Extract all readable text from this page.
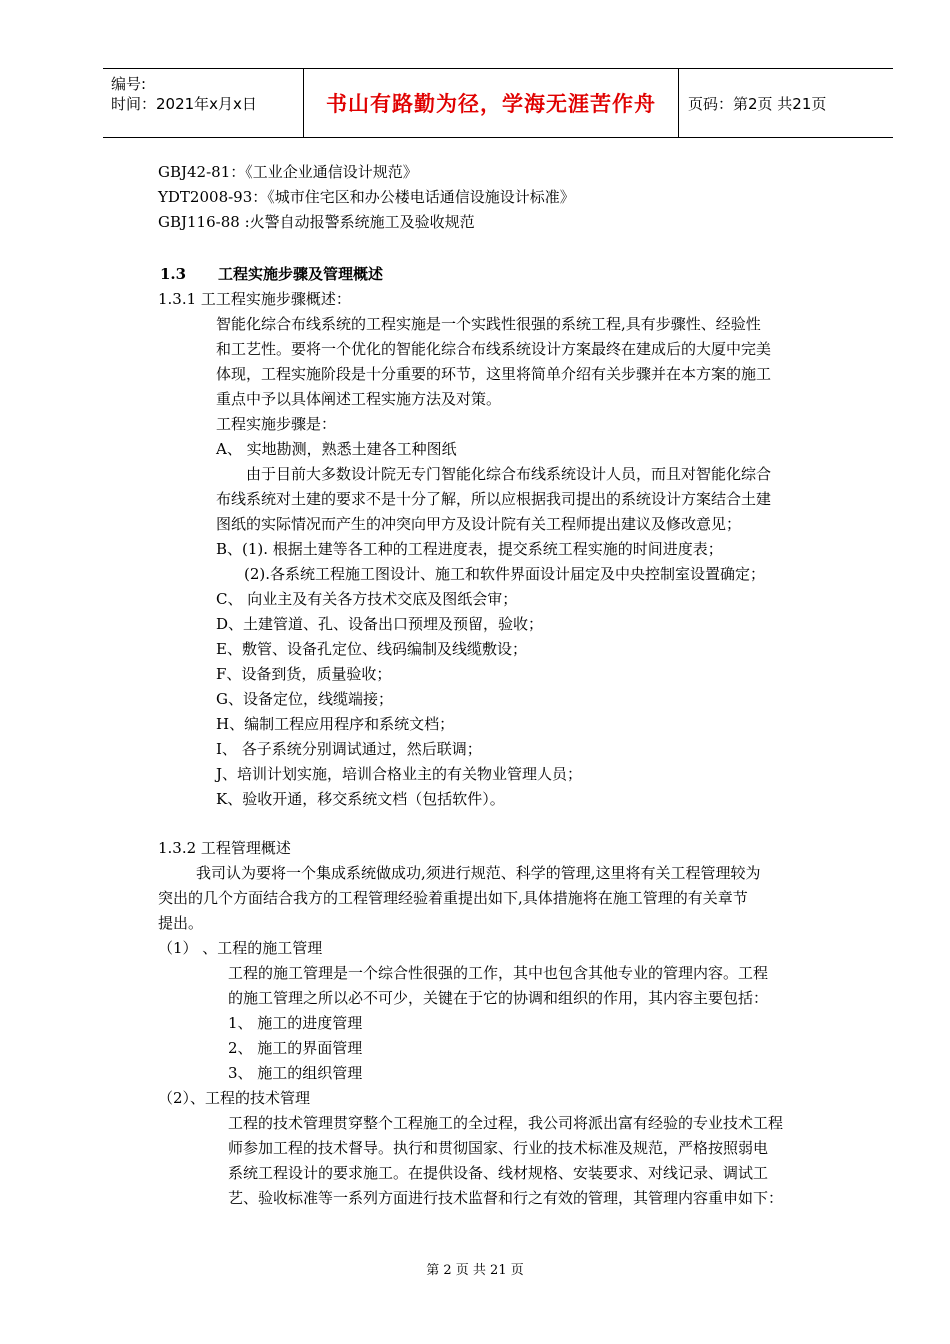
编号:
时间：2021年x月x日	书山有路勤为径，学海无涯苦作舟	页码：第2页 共21页
GBJ42-81：《工业企业通信设计规范》
YDT2008-93：《城市住宅区和办公楼电话通信设施设计标准》
GBJ116-88 :火警自动报警系统施工及验收规范
1.3 工程实施步骤及管理概述
1.3.1 工工程实施步骤概述：
智能化综合布线系统的工程实施是一个实践性很强的系统工程,具有步骤性、经验性
和工艺性。要将一个优化的智能化综合布线系统设计方案最终在建成后的大厦中完美
体现，工程实施阶段是十分重要的环节，这里将简单介绍有关步骤并在本方案的施工
重点中予以具体阐述工程实施方法及对策。
工程实施步骤是：
A、 实地勘测，熟悉土建各工种图纸
由于目前大多数设计院无专门智能化综合布线系统设计人员，而且对智能化综合
布线系统对土建的要求不是十分了解，所以应根据我司提出的系统设计方案结合土建
图纸的实际情况而产生的冲突向甲方及设计院有关工程师提出建议及修改意见；
B、(1). 根据土建等各工种的工程进度表，提交系统工程实施的时间进度表；
(2).各系统工程施工图设计、施工和软件界面设计届定及中央控制室设置确定；
C、 向业主及有关各方技术交底及图纸会审；
D、土建管道、孔、设备出口预埋及预留，验收；
E、敷管、设备孔定位、线码编制及线缆敷设；
F、设备到货，质量验收；
G、设备定位，线缆端接；
H、编制工程应用程序和系统文档；
I、 各子系统分别调试通过，然后联调；
J、培训计划实施，培训合格业主的有关物业管理人员；
K、验收开通，移交系统文档（包括软件）。
1.3.2 工程管理概述
我司认为要将一个集成系统做成功,须进行规范、科学的管理,这里将有关工程管理较为
突出的几个方面结合我方的工程管理经验着重提出如下,具体措施将在施工管理的有关章节
提出。
（1） 、工程的施工管理
工程的施工管理是一个综合性很强的工作，其中也包含其他专业的管理内容。工程
的施工管理之所以必不可少，关键在于它的协调和组织的作用，其内容主要包括：
1、 施工的进度管理
2、 施工的界面管理
3、 施工的组织管理
（2）、工程的技术管理
工程的技术管理贯穿整个工程施工的全过程，我公司将派出富有经验的专业技术工程
师参加工程的技术督导。执行和贯彻国家、行业的技术标准及规范，严格按照弱电
系统工程设计的要求施工。在提供设备、线材规格、安装要求、对线记录、调试工
艺、验收标准等一系列方面进行技术监督和行之有效的管理，其管理内容重申如下：
第 2 页 共 21 页
